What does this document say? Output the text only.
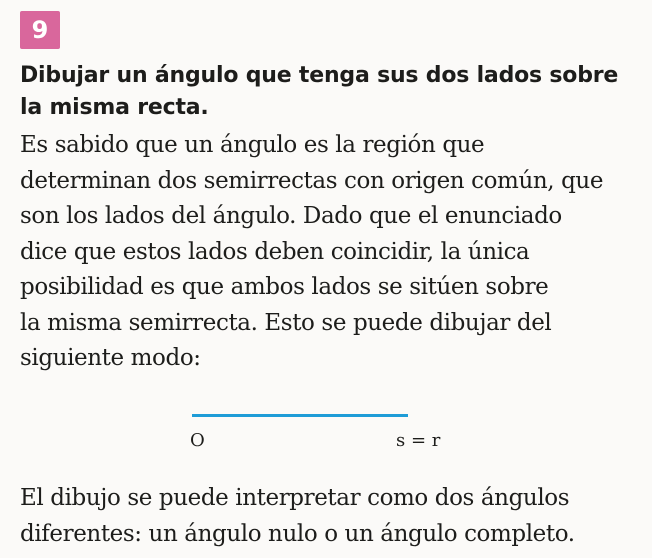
9
Dibujar un ángulo que tenga sus dos lados sobre
la misma recta.
Es sabido que un ángulo es la región que
determinan dos semirrectas con origen común, que
son los lados del ángulo. Dado que el enunciado
dice que estos lados deben coincidir, la única
posibilidad es que ambos lados se sitúen sobre
la misma semirrecta. Esto se puede dibujar del
siguiente modo:
O	s = r
El dibujo se puede interpretar como dos ángulos
diferentes: un ángulo nulo o un ángulo completo.
